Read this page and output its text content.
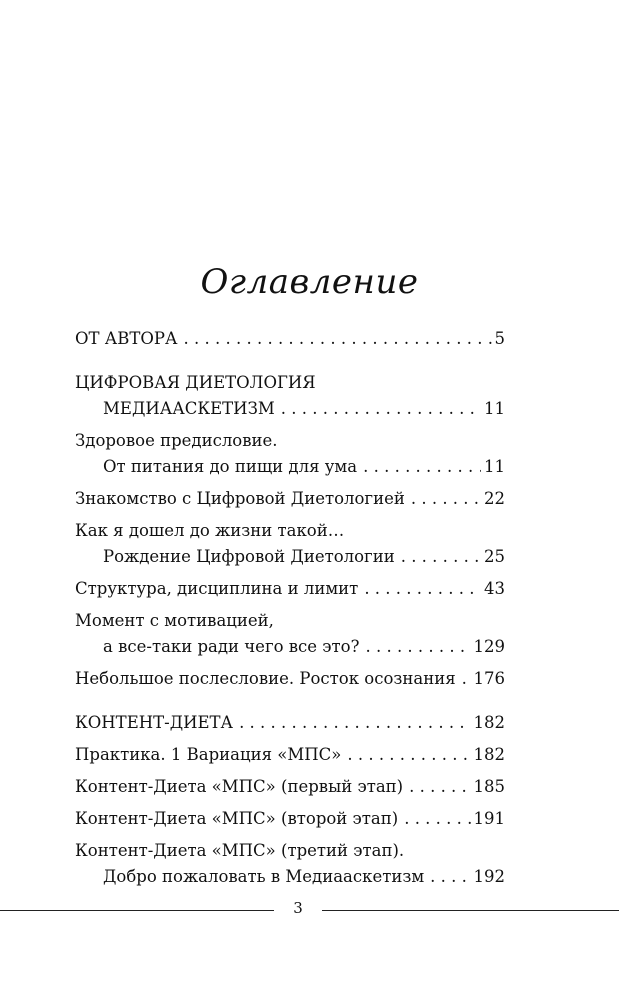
Оглавление
ОТ АВТОРА . . .	5
ЦИФРОВАЯ ДИЕТОЛОГИЯ
МЕДИААСКЕТИЗМ . . .	11
Здоровое предисловие.
От питания до пищи для ума . . .	11
Знакомство с Цифровой Диетологией . . .	22
Как я дошел до жизни такой…
Рождение Цифровой Диетологии . . .	25
Структура, дисциплина и лимит . . .	43
Момент с мотивацией,
а все-таки ради чего все это? . . .	129
Небольшое послесловие. Росток осознания . . . 176
КОНТЕНТ-ДИЕТА . . .	182
Практика. 1 Вариация «МПС» . . .	182
Контент-Диета «МПС» (первый этап) . . .	185
Контент-Диета «МПС» (второй этап) . . .	191
Контент-Диета «МПС» (третий этап).
Добро пожаловать в Медиааскетизм . . .	192
3
